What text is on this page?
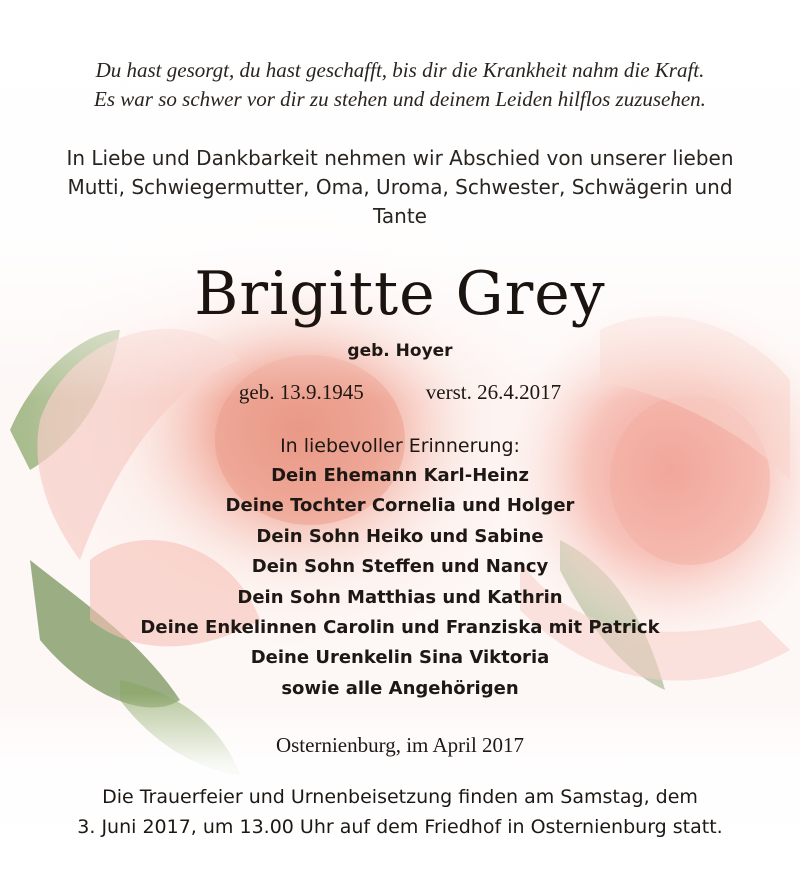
Du hast gesorgt, du hast geschafft, bis dir die Krankheit nahm die Kraft.

Es war so schwer vor dir zu stehen und deinem Leiden hilflos zuzusehen.

In Liebe und Dankbarkeit nehmen wir Abschied von unserer lieben

Mutti, Schwiegermutter, Oma, Uroma, Schwester, Schwägerin und

Tante

Brigitte Grey

geb. Hoyer

geb. 13.9.1945	verst. 26.4.2017

In liebevoller Erinnerung:

Dein Ehemann Karl-Heinz

Deine Tochter Cornelia und Holger

Dein Sohn Heiko und Sabine

Dein Sohn Steffen und Nancy

Dein Sohn Matthias und Kathrin

Deine Enkelinnen Carolin und Franziska mit Patrick

Deine Urenkelin Sina Viktoria

sowie alle Angehörigen

Osternienburg, im April 2017

Die Trauerfeier und Urnenbeisetzung finden am Samstag, dem

3. Juni 2017, um 13.00 Uhr auf dem Friedhof in Osternienburg statt.
